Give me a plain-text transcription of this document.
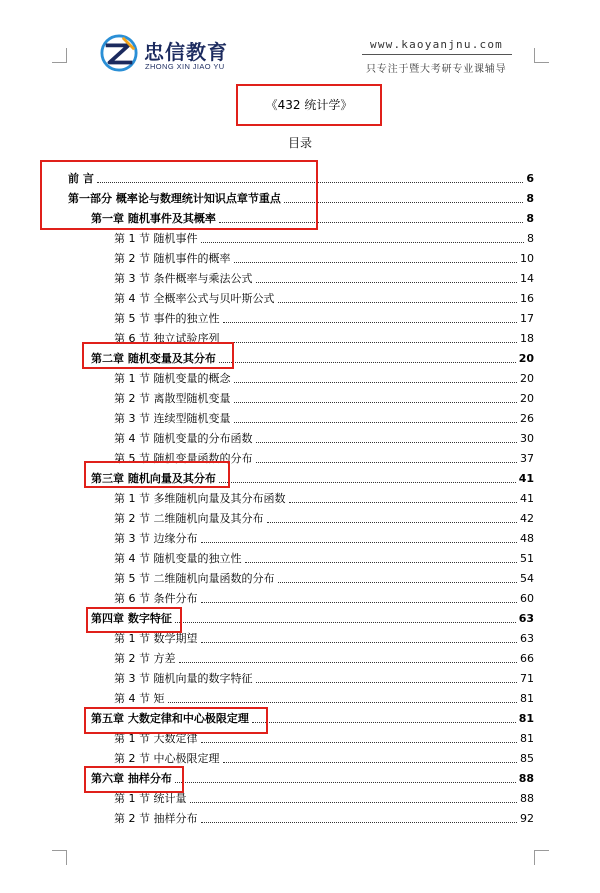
忠信教育
ZHONG XIN JIAO YU
www.kaoyanjnu.com
只专注于暨大考研专业课辅导
《432 统计学》
目录
前 言	6
第一部分 概率论与数理统计知识点章节重点	8
第一章 随机事件及其概率	8
第 1 节 随机事件	8
第 2 节 随机事件的概率	10
第 3 节 条件概率与乘法公式	14
第 4 节 全概率公式与贝叶斯公式	16
第 5 节 事件的独立性	17
第 6 节 独立试验序列	18
第二章 随机变量及其分布	20
第 1 节 随机变量的概念	20
第 2 节 离散型随机变量	20
第 3 节 连续型随机变量	26
第 4 节 随机变量的分布函数	30
第 5 节 随机变量函数的分布	37
第三章 随机向量及其分布	41
第 1 节 多维随机向量及其分布函数	41
第 2 节 二维随机向量及其分布	42
第 3 节 边缘分布	48
第 4 节 随机变量的独立性	51
第 5 节 二维随机向量函数的分布	54
第 6 节 条件分布	60
第四章 数字特征	63
第 1 节 数学期望	63
第 2 节 方差	66
第 3 节 随机向量的数字特征	71
第 4 节 矩	81
第五章 大数定律和中心极限定理	81
第 1 节 大数定律	81
第 2 节 中心极限定理	85
第六章 抽样分布	88
第 1 节 统计量	88
第 2 节 抽样分布	92
